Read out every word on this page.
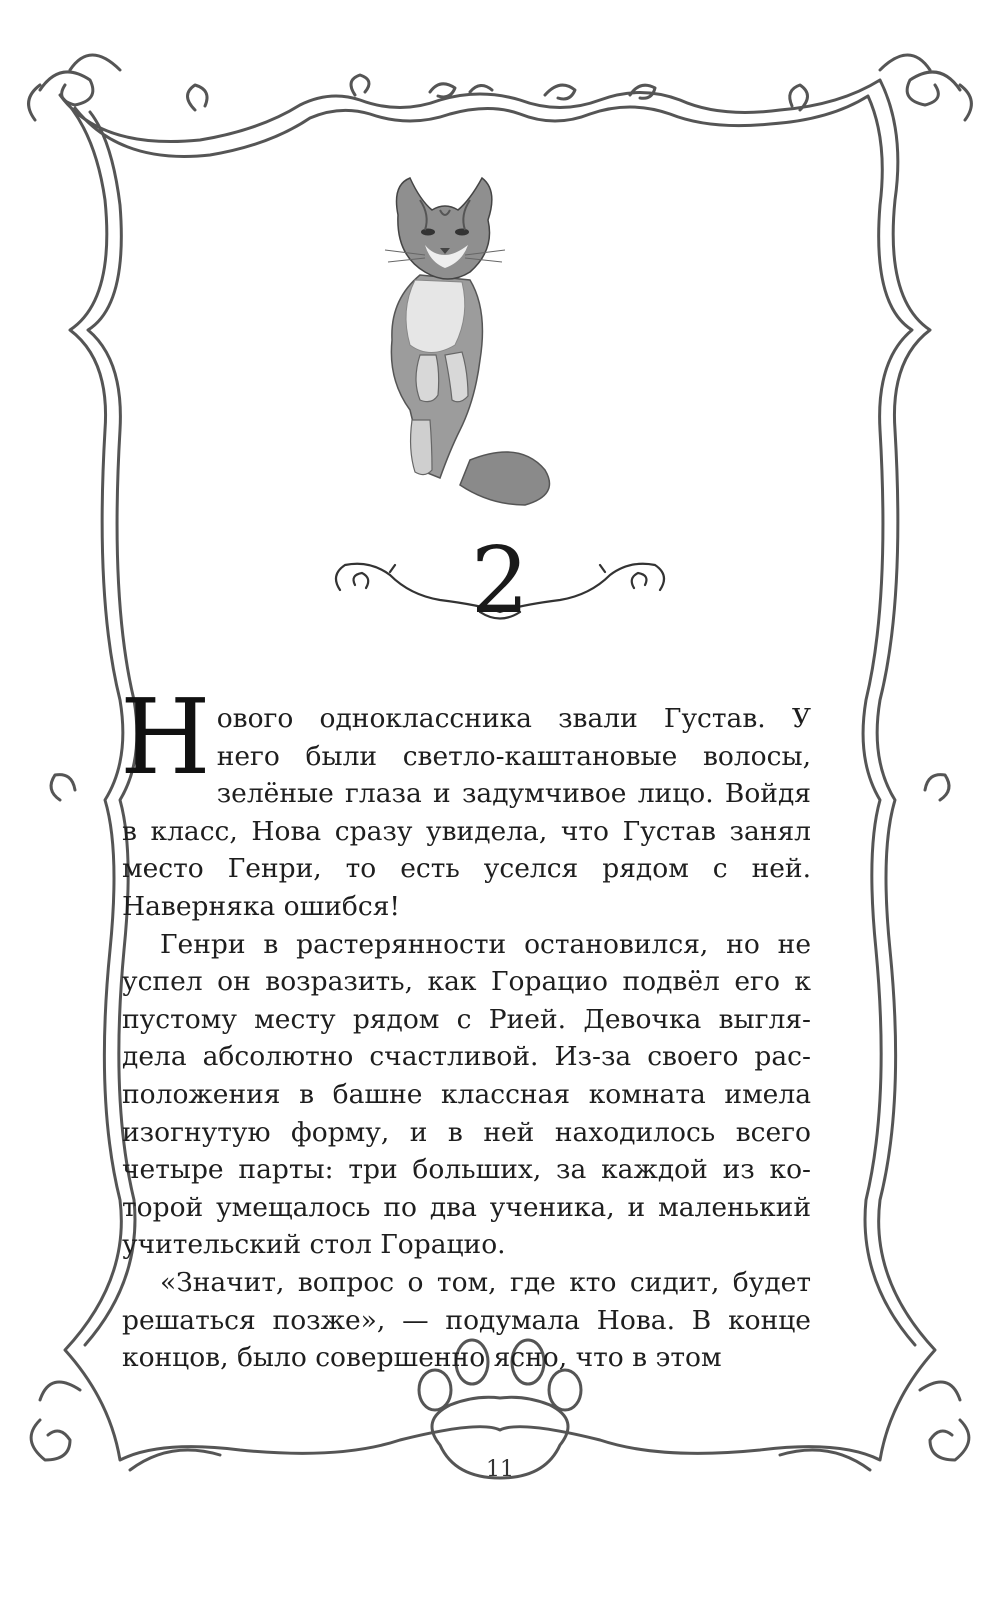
2

Нового одноклассника звали Густав. У него были светло-каштановые волосы, зелёные глаза и задумчивое лицо. Войдя в класс, Нова сразу увидела, что Густав занял место Генри, то есть уселся рядом с ней. Наверняка ошибся!

Генри в растерянности остановился, но не успел он возразить, как Горацио подвёл его к пустому месту рядом с Рией. Девочка выглядела абсолютно счастливой. Из-за своего расположения в башне классная комната имела изогнутую форму, и в ней находилось всего четыре парты: три больших, за каждой из которой умещалось по два ученика, и маленький учительский стол Горацио.

«Значит, вопрос о том, где кто сидит, будет решаться позже», — подумала Нова. В конце концов, было совершенно ясно, что в этом

11
